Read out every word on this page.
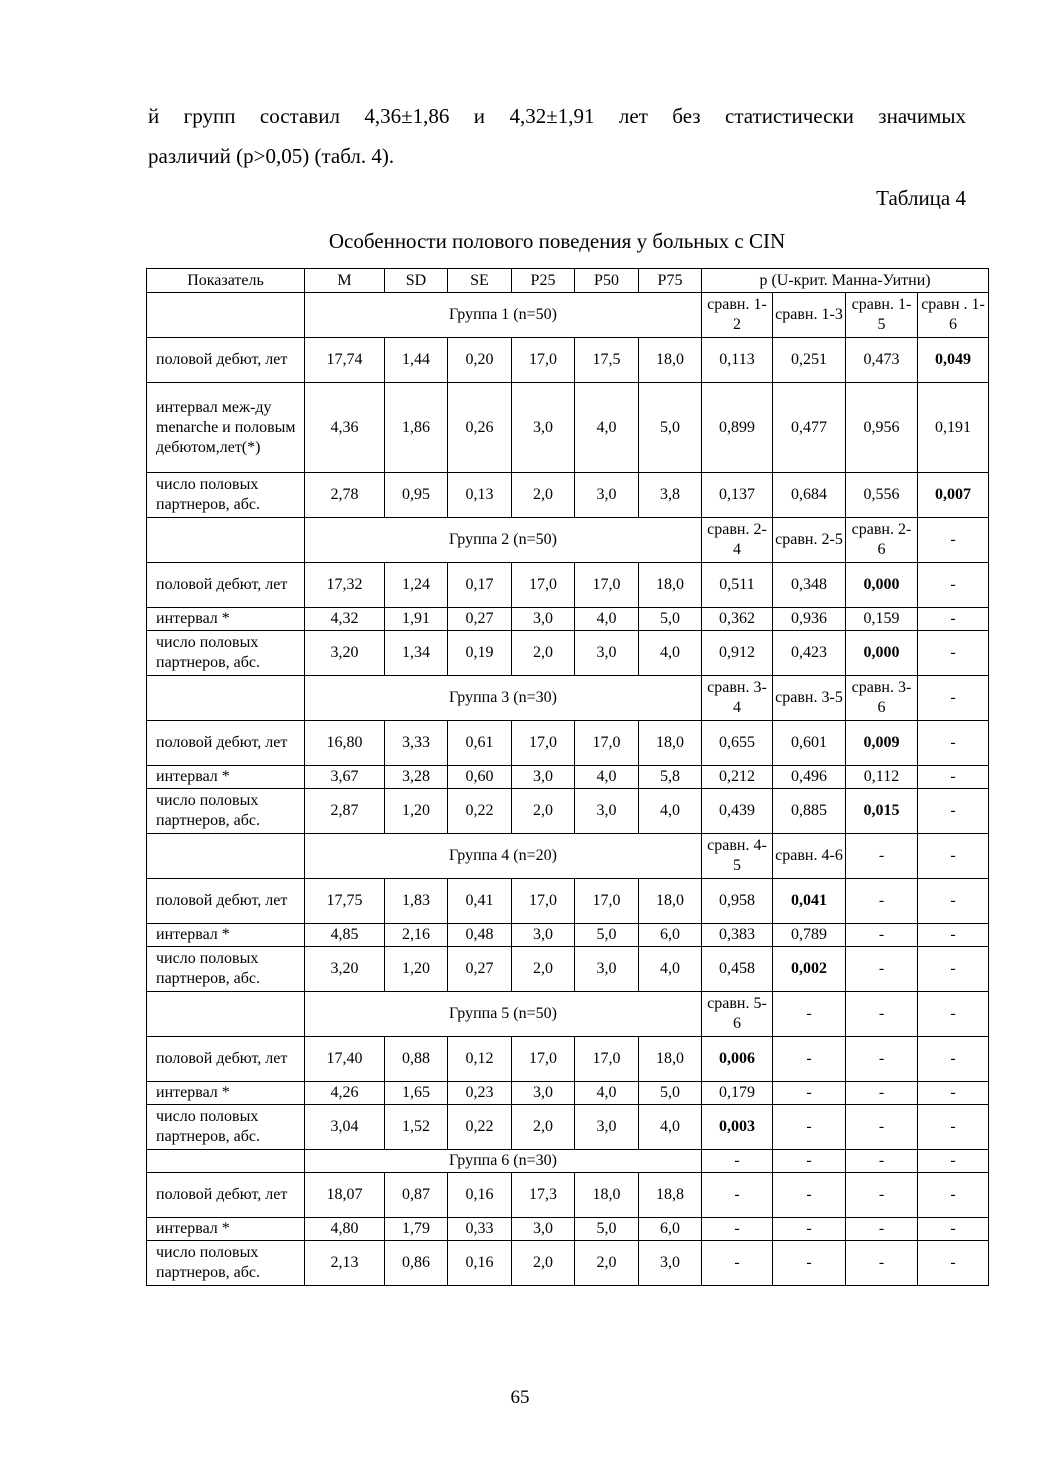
й групп составил 4,36±1,86 и 4,32±1,91 лет без статистически значимых
различий (p>0,05) (табл. 4).
Таблица 4
Особенности полового поведения у больных с CIN
Показатель	M	SD	SE	P25	P50	P75	p (U-крит. Манна-Уитни)			
	Группа 1 (n=50)						сравн. 1-2	сравн. 1-3	сравн. 1-5	сравн . 1-6
половой дебют, лет	17,74	1,44	0,20	17,0	17,5	18,0	0,113	0,251	0,473	0,049
интервал меж-ду menarche и половым дебютом,лет(*)	4,36	1,86	0,26	3,0	4,0	5,0	0,899	0,477	0,956	0,191
число половых партнеров, абс.	2,78	0,95	0,13	2,0	3,0	3,8	0,137	0,684	0,556	0,007
	Группа 2 (n=50)						сравн. 2-4	сравн. 2-5	сравн. 2-6	-
половой дебют, лет	17,32	1,24	0,17	17,0	17,0	18,0	0,511	0,348	0,000	-
интервал *	4,32	1,91	0,27	3,0	4,0	5,0	0,362	0,936	0,159	-
число половых партнеров, абс.	3,20	1,34	0,19	2,0	3,0	4,0	0,912	0,423	0,000	-
	Группа 3 (n=30)						сравн. 3-4	сравн. 3-5	сравн. 3-6	-
половой дебют, лет	16,80	3,33	0,61	17,0	17,0	18,0	0,655	0,601	0,009	-
интервал *	3,67	3,28	0,60	3,0	4,0	5,8	0,212	0,496	0,112	-
число половых партнеров, абс.	2,87	1,20	0,22	2,0	3,0	4,0	0,439	0,885	0,015	-
	Группа 4 (n=20)						сравн. 4-5	сравн. 4-6	-	-
половой дебют, лет	17,75	1,83	0,41	17,0	17,0	18,0	0,958	0,041	-	-
интервал *	4,85	2,16	0,48	3,0	5,0	6,0	0,383	0,789	-	-
число половых партнеров, абс.	3,20	1,20	0,27	2,0	3,0	4,0	0,458	0,002	-	-
	Группа 5 (n=50)						сравн. 5-6	-	-	-
половой дебют, лет	17,40	0,88	0,12	17,0	17,0	18,0	0,006	-	-	-
интервал *	4,26	1,65	0,23	3,0	4,0	5,0	0,179	-	-	-
число половых партнеров, абс.	3,04	1,52	0,22	2,0	3,0	4,0	0,003	-	-	-
	Группа 6 (n=30)						-	-	-	-
половой дебют, лет	18,07	0,87	0,16	17,3	18,0	18,8	-	-	-	-
интервал *	4,80	1,79	0,33	3,0	5,0	6,0	-	-	-	-
число половых партнеров, абс.	2,13	0,86	0,16	2,0	2,0	3,0	-	-	-	-
65
